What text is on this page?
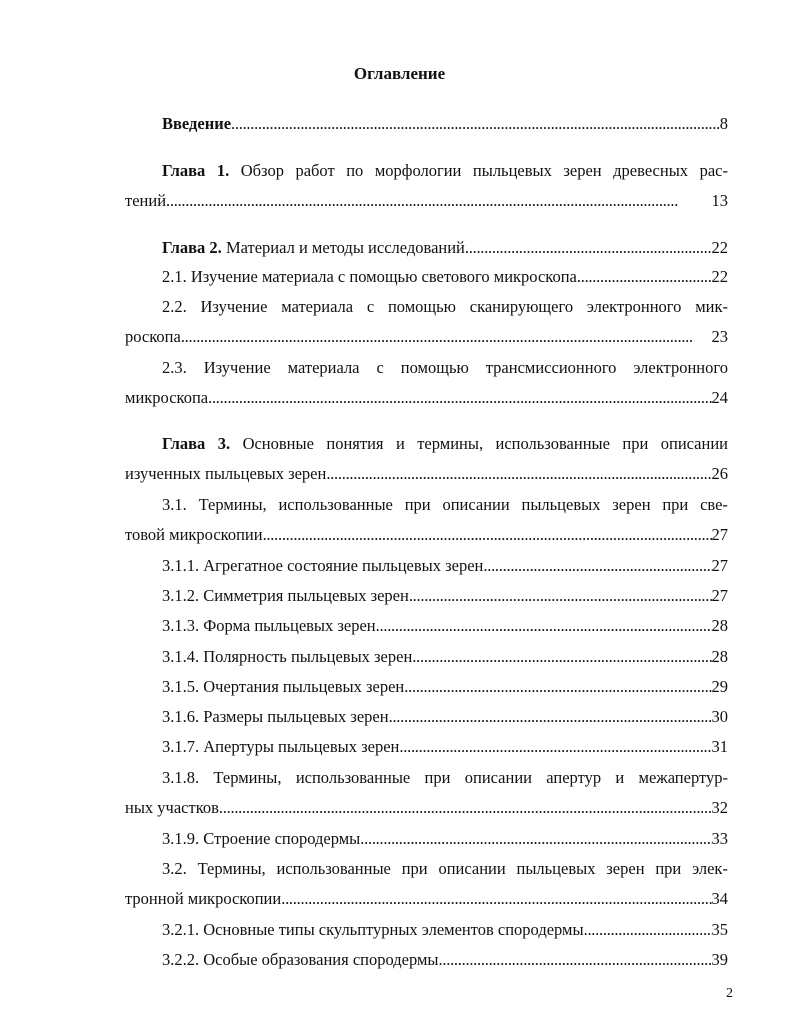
Оглавление
Введение . . .	8
Глава 1. Обзор работ по морфологии пыльцевых зерен древесных рас-
тений . . .	13
Глава 2. Материал и методы исследований . . .	22
2.1. Изучение материала с помощью светового микроскопа . . .	22
2.2. Изучение материала с помощью сканирующего электронного мик-
роскопа . . .	23
2.3. Изучение материала с помощью трансмиссионного электронного
микроскопа . . .	24
Глава 3. Основные понятия и термины, использованные при описании
изученных пыльцевых зерен . . .	26
3.1. Термины, использованные при описании пыльцевых зерен при све-
товой микроскопии . . .	27
3.1.1. Агрегатное состояние пыльцевых зерен . . .	27
3.1.2. Симметрия пыльцевых зерен . . .	27
3.1.3. Форма пыльцевых зерен . . .	28
3.1.4. Полярность пыльцевых зерен . . .	28
3.1.5. Очертания пыльцевых зерен . . .	29
3.1.6. Размеры пыльцевых зерен . . .	30
3.1.7. Апертуры пыльцевых зерен . . .	31
3.1.8. Термины, использованные при описании апертур и межапертур-
ных участков . . .	32
3.1.9. Строение спородермы . . .	33
3.2. Термины, использованные при описании пыльцевых зерен при элек-
тронной микроскопии . . .	34
3.2.1. Основные типы скульптурных элементов спородермы . . .	35
3.2.2. Особые образования спородермы . . .	39
2
